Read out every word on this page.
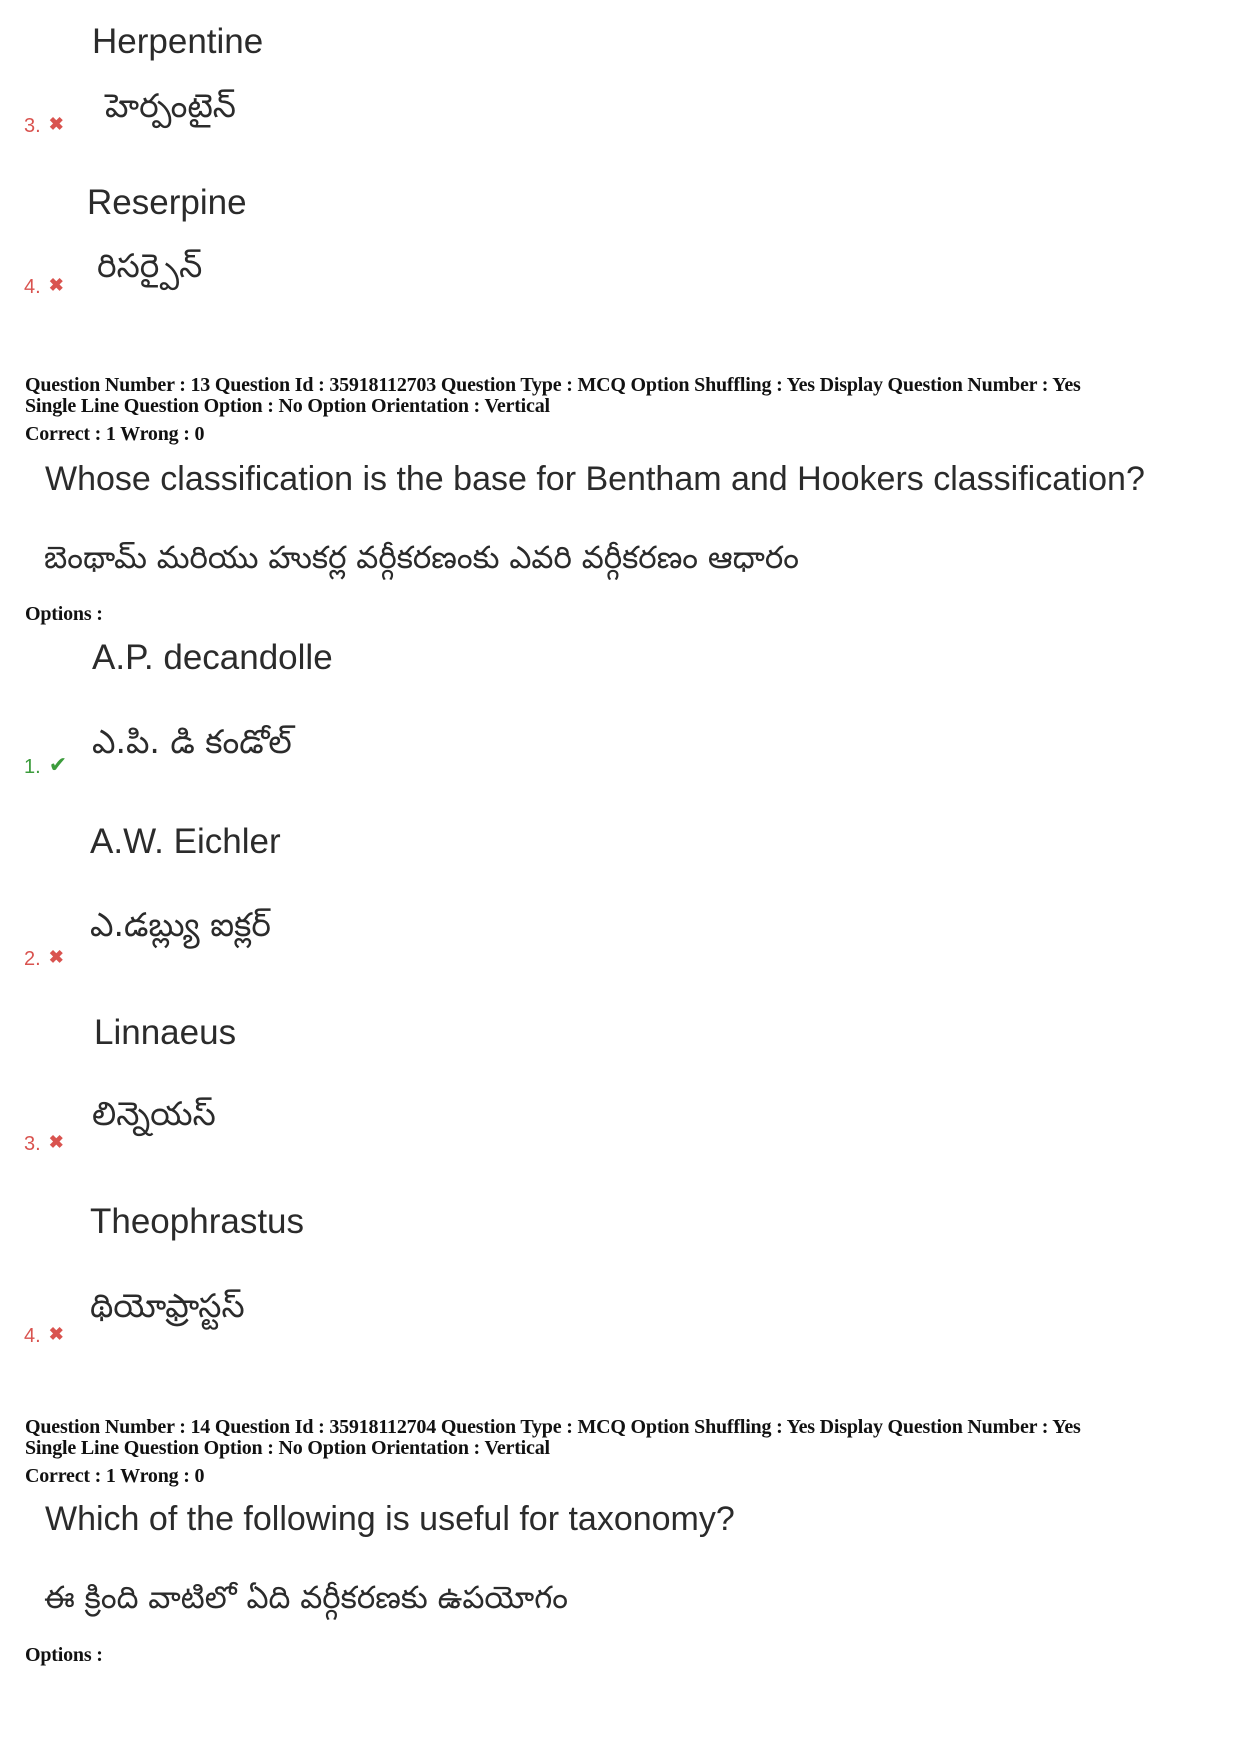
Herpentine
హెర్పంటైన్
3. ✖
Reserpine
రిసర్పైన్
4. ✖
Question Number : 13 Question Id : 35918112703 Question Type : MCQ Option Shuffling : Yes Display Question Number : Yes
Single Line Question Option : No Option Orientation : Vertical
Correct : 1 Wrong : 0
Whose classification is the base for Bentham and Hookers classification?
బెంథామ్ మరియు హుకర్ల వర్గీకరణంకు ఎవరి వర్గీకరణం ఆధారం
Options :
A.P. decandolle
ఎ.పి. డి కండోల్
1. ✔
A.W. Eichler
ఎ.డబ్ల్యు ఐక్లర్
2. ✖
Linnaeus
లిన్నెయస్
3. ✖
Theophrastus
థియోఫ్రాస్టస్
4. ✖
Question Number : 14 Question Id : 35918112704 Question Type : MCQ Option Shuffling : Yes Display Question Number : Yes
Single Line Question Option : No Option Orientation : Vertical
Correct : 1 Wrong : 0
Which of the following is useful for taxonomy?
ఈ క్రింది వాటిలో ఏది వర్గీకరణకు ఉపయోగం
Options :
